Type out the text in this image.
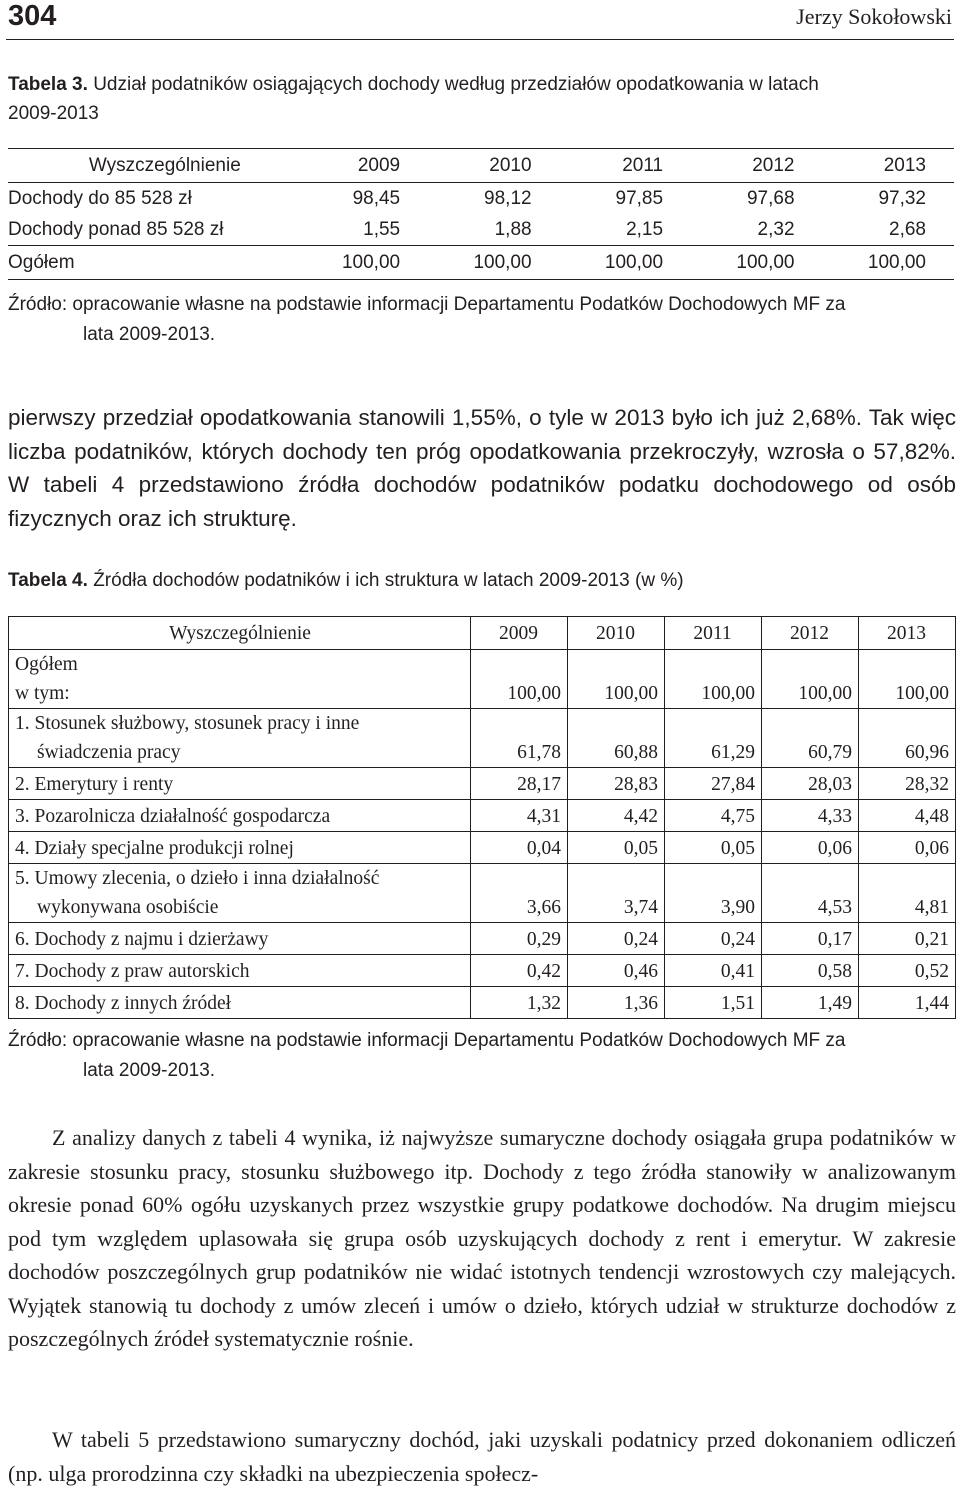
304	Jerzy Sokołowski
Tabela 3. Udział podatników osiągających dochody według przedziałów opodatkowania w latach
2009-2013
Wyszczególnienie	2009	2010	2011	2012	2013
Dochody do 85 528 zł	98,45	98,12	97,85	97,68	97,32
Dochody ponad 85 528 zł	1,55	1,88	2,15	2,32	2,68
Ogółem	100,00	100,00	100,00	100,00	100,00
Źródło: opracowanie własne na podstawie informacji Departamentu Podatków Dochodowych MF za
lata 2009-2013.
pierwszy przedział opodatkowania stanowili 1,55%, o tyle w 2013 było ich już 2,68%. Tak więc liczba podatników, których dochody ten próg opodatkowania przekroczyły, wzrosła o 57,82%. W tabeli 4 przedstawiono źródła dochodów podatników podatku dochodowego od osób fizycznych oraz ich strukturę.
Tabela 4. Źródła dochodów podatników i ich struktura w latach 2009-2013 (w %)
Wyszczególnienie	2009	2010	2011	2012	2013

Ogółem
w tym:	100,00	100,00	100,00	100,00	100,00

1. Stosunek służbowy, stosunek pracy i inne
świadczenia pracy	61,78	60,88	61,29	60,79	60,96
2. Emerytury i renty	28,17	28,83	27,84	28,03	28,32
3. Pozarolnicza działalność gospodarcza	4,31	4,42	4,75	4,33	4,48
4. Działy specjalne produkcji rolnej	0,04	0,05	0,05	0,06	0,06

5. Umowy zlecenia, o dzieło i inna działalność
wykonywana osobiście	3,66	3,74	3,90	4,53	4,81
6. Dochody z najmu i dzierżawy	0,29	0,24	0,24	0,17	0,21
7. Dochody z praw autorskich	0,42	0,46	0,41	0,58	0,52
8. Dochody z innych źródeł	1,32	1,36	1,51	1,49	1,44
Źródło: opracowanie własne na podstawie informacji Departamentu Podatków Dochodowych MF za
lata 2009-2013.
Z analizy danych z tabeli 4 wynika, iż najwyższe sumaryczne dochody osiągała grupa podatników w zakresie stosunku pracy, stosunku służbowego itp. Dochody z tego źródła stanowiły w analizowanym okresie ponad 60% ogółu uzyskanych przez wszystkie grupy podatkowe dochodów. Na drugim miejscu pod tym względem uplasowała się grupa osób uzyskujących dochody z rent i emerytur. W zakresie dochodów poszczególnych grup podatników nie widać istotnych tendencji wzrostowych czy malejących. Wyjątek stanowią tu dochody z umów zleceń i umów o dzieło, których udział w strukturze dochodów z poszczególnych źródeł systematycznie rośnie.
W tabeli 5 przedstawiono sumaryczny dochód, jaki uzyskali podatnicy przed dokonaniem odliczeń (np. ulga prorodzinna czy składki na ubezpieczenia społecz-
